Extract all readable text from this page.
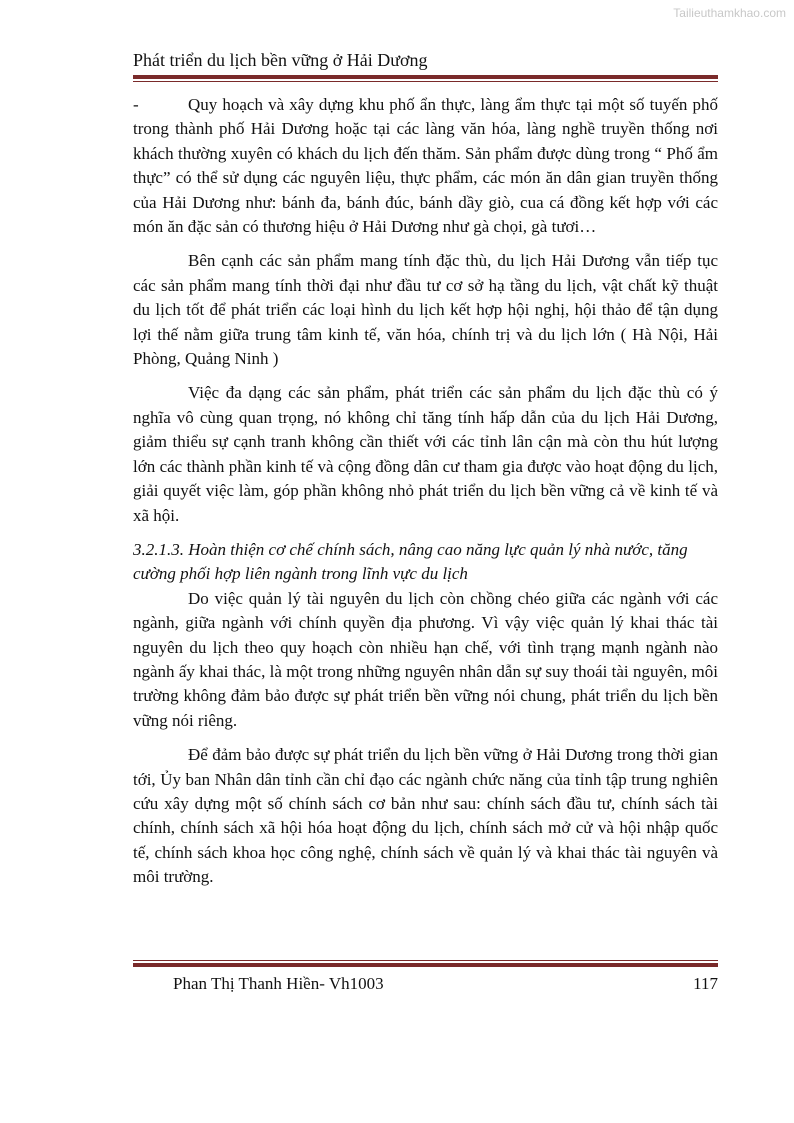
Tailieuthamkhao.com
Phát triển du lịch bền vững ở Hải Dương

-	Quy hoạch và xây dựng khu phố ẩn thực, làng ẩm thực tại một số tuyến phố trong thành phố Hải Dương hoặc tại các làng văn hóa, làng nghề truyền thống nơi khách thường xuyên có khách du lịch đến thăm. Sản phẩm được dùng trong “ Phố ẩm thực” có thể sử dụng các nguyên liệu, thực phẩm, các món ăn dân gian truyền thống của Hải Dương như: bánh đa, bánh đúc, bánh dầy giò, cua cá đồng kết hợp với các món ăn đặc sản có thương hiệu ở Hải Dương như gà chọi, gà tươi…

Bên cạnh các sản phẩm mang tính đặc thù, du lịch Hải Dương vẫn tiếp tục các sản phẩm mang tính thời đại như đầu tư cơ sở hạ tầng du lịch, vật chất kỹ thuật du lịch tốt để phát triển các loại hình du lịch kết hợp hội nghị, hội thảo để tận dụng lợi thế nằm giữa trung tâm kinh tế, văn hóa, chính trị và du lịch lớn ( Hà Nội, Hải Phòng, Quảng Ninh )

Việc đa dạng các sản phẩm, phát triển các sản phẩm du lịch đặc thù có ý nghĩa vô cùng quan trọng, nó không chỉ tăng tính hấp dẫn của du lịch Hải Dương, giảm thiểu sự cạnh tranh không cần thiết với các tỉnh lân cận mà còn thu hút lượng lớn các thành phần kinh tế và cộng đồng dân cư tham gia được vào hoạt động du lịch, giải quyết việc làm, góp phần không nhỏ phát triển du lịch bền vững cả về kinh tế và xã hội.

3.2.1.3. Hoàn thiện cơ chế chính sách, nâng cao năng lực quản lý nhà nước, tăng cường phối hợp liên ngành trong lĩnh vực du lịch

Do việc quản lý tài nguyên du lịch còn chồng chéo giữa các ngành với các ngành, giữa ngành với chính quyền địa phương. Vì vậy việc quản lý khai thác tài nguyên du lịch theo quy hoạch còn nhiều hạn chế, với tình trạng mạnh ngành nào ngành ấy khai thác, là một trong những nguyên nhân dẫn sự suy thoái tài nguyên, môi trường không đảm bảo được sự phát triển bền vững nói chung, phát triển du lịch bền vững nói riêng.

Để đảm bảo được sự phát triển du lịch bền vững ở Hải Dương trong thời gian tới, Ủy ban Nhân dân tỉnh cần chỉ đạo các ngành chức năng của tỉnh tập trung nghiên cứu xây dựng một số chính sách cơ bản như sau: chính sách đầu tư, chính sách tài chính, chính sách xã hội hóa hoạt động du lịch, chính sách mở cử và hội nhập quốc tế, chính sách khoa học công nghệ, chính sách về quản lý và khai thác tài nguyên và môi trường.

Phan Thị Thanh Hiền- Vh1003	117
